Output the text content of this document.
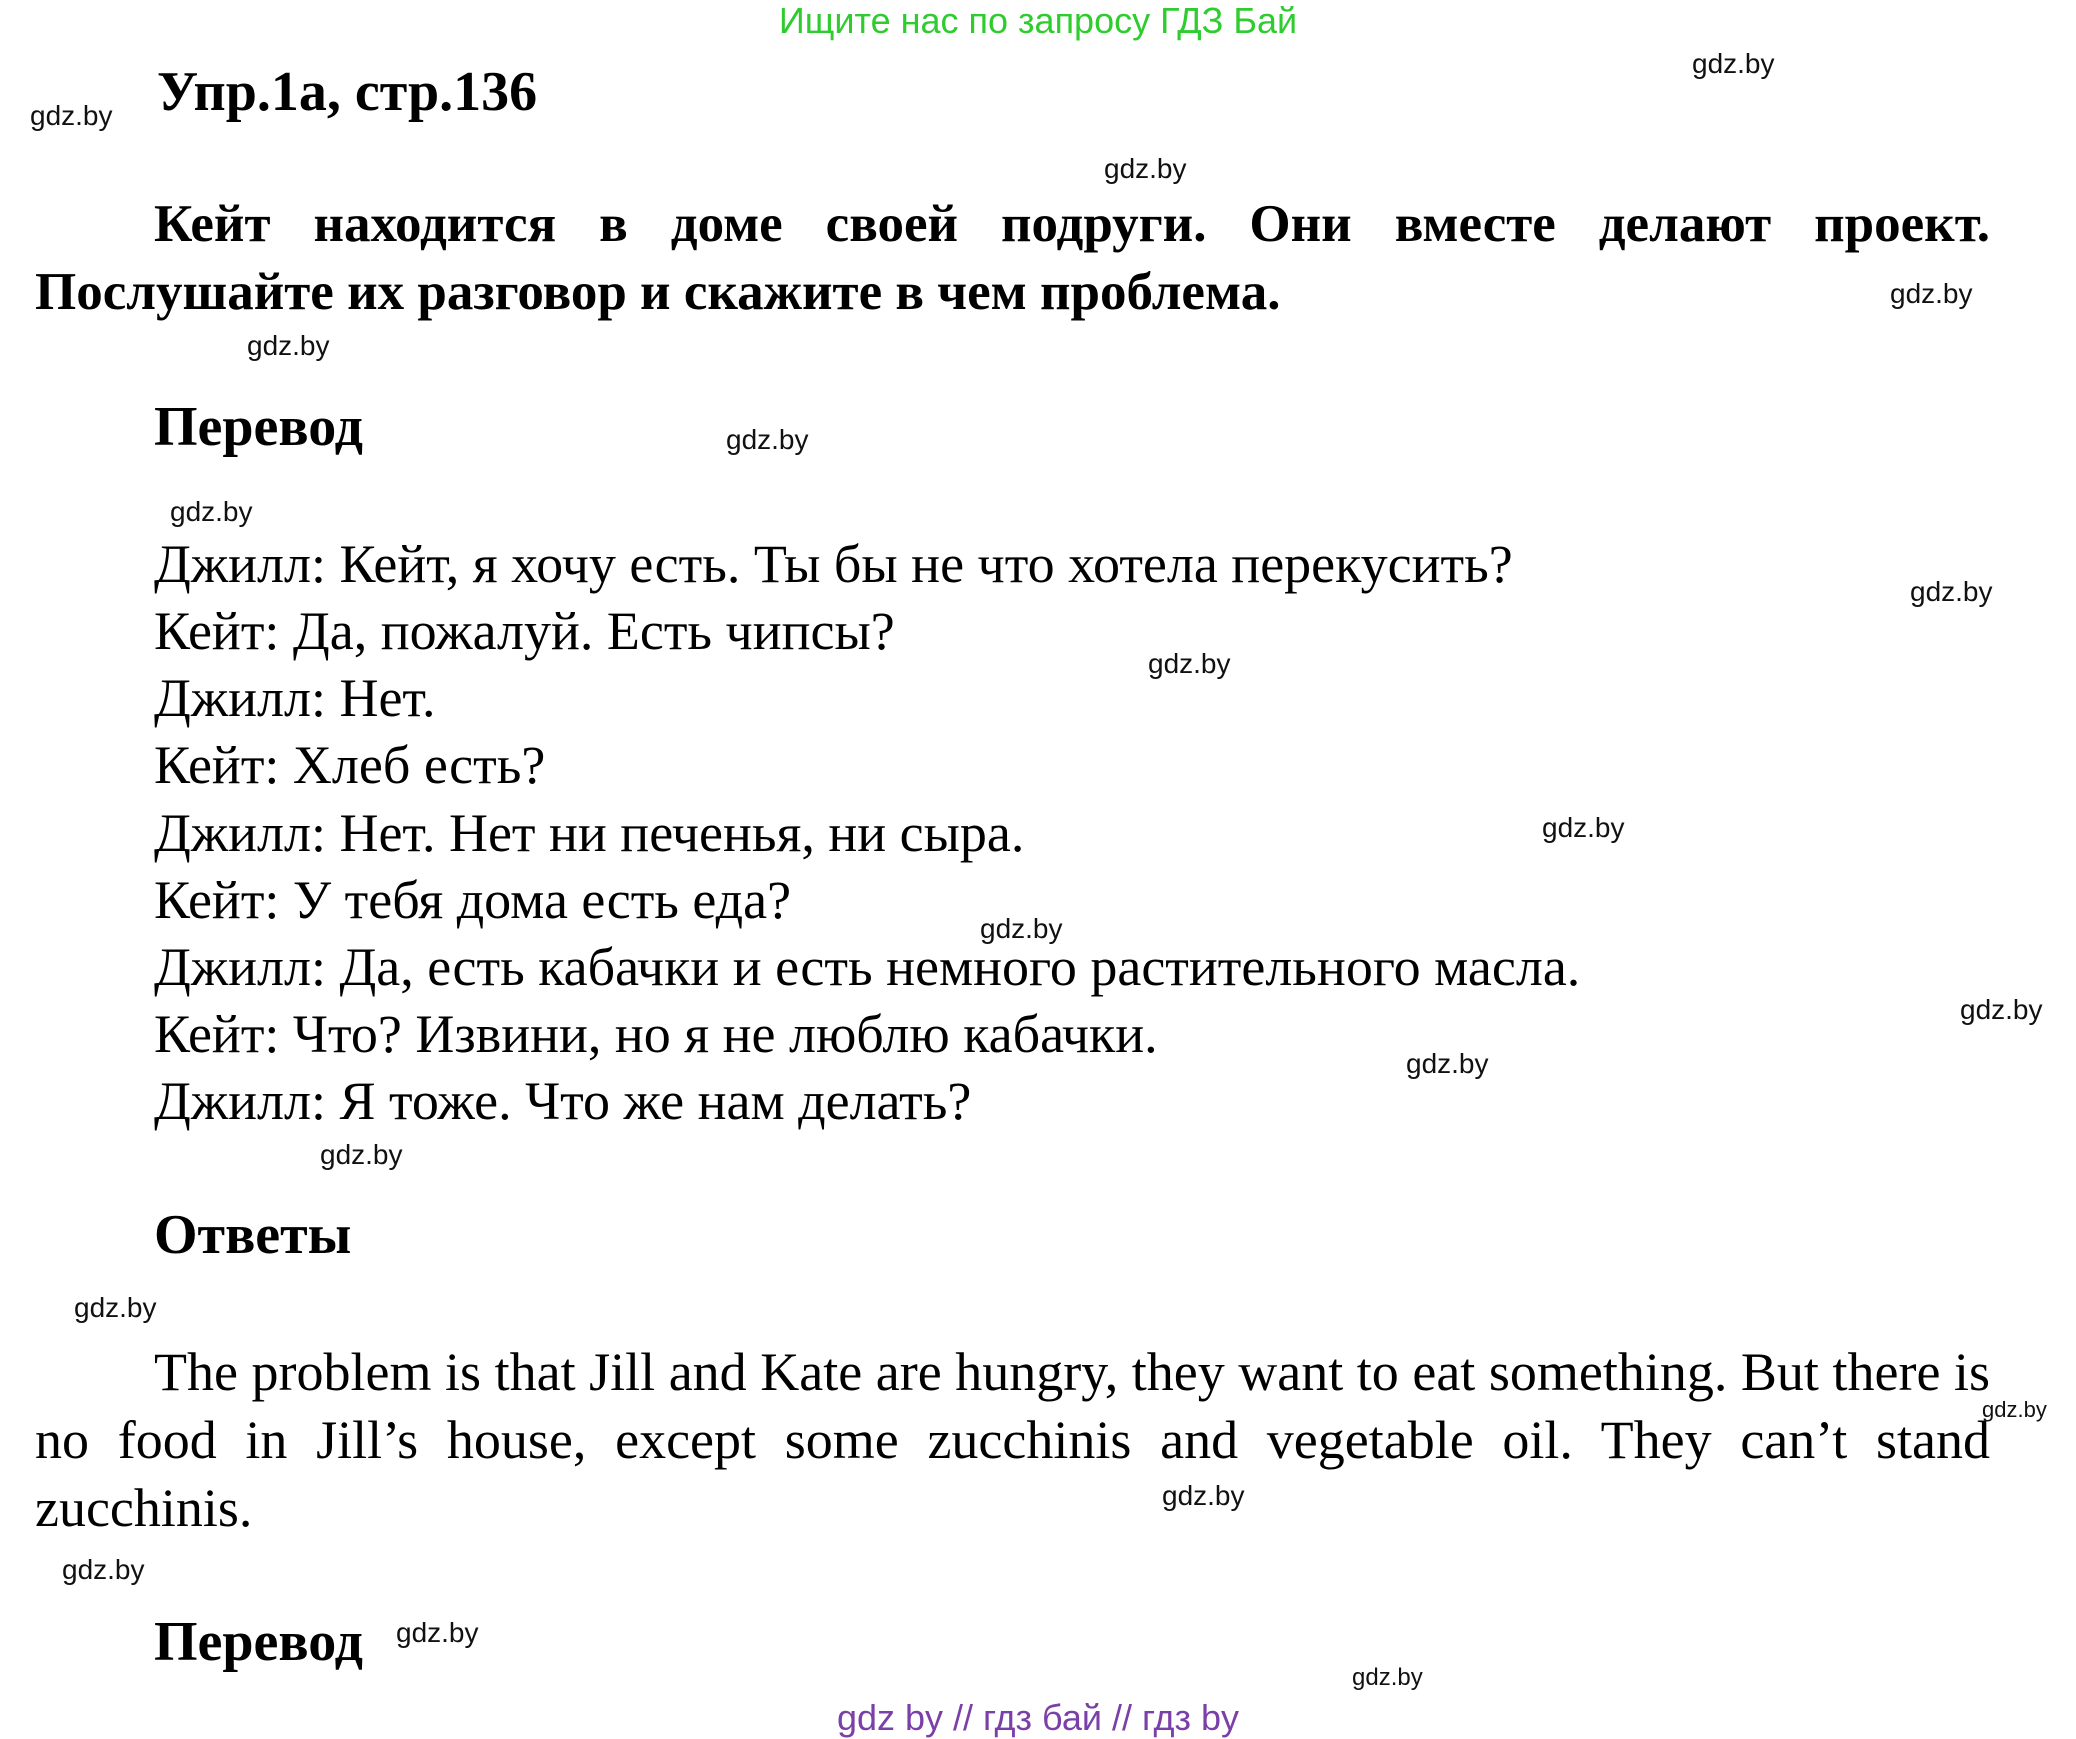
Ищите нас по запросу ГДЗ Бай
Упр.1а, стр.136
Кейт находится в доме своей подруги. Они вместе делают проект. Послушайте их разговор и скажите в чем проблема.
Перевод
Джилл: Кейт, я хочу есть. Ты бы не что хотела перекусить?
Кейт: Да, пожалуй. Есть чипсы?
Джилл: Нет.
Кейт: Хлеб есть?
Джилл: Нет. Нет ни печенья, ни сыра.
Кейт: У тебя дома есть еда?
Джилл: Да, есть кабачки и есть немного растительного масла.
Кейт: Что? Извини, но я не люблю кабачки.
Джилл: Я тоже. Что же нам делать?
Ответы
The problem is that Jill and Kate are hungry, they want to eat something. But there is no food in Jill’s house, except some zucchinis and vegetable oil. They can’t stand zucchinis.
Перевод
gdz.by
gdz.by
gdz.by
gdz.by
gdz.by
gdz.by
gdz.by
gdz.by
gdz.by
gdz.by
gdz.by
gdz.by
gdz.by
gdz.by
gdz.by
gdz.by
gdz.by
gdz.by
gdz.by
gdz.by
gdz by // гдз бай // гдз by
